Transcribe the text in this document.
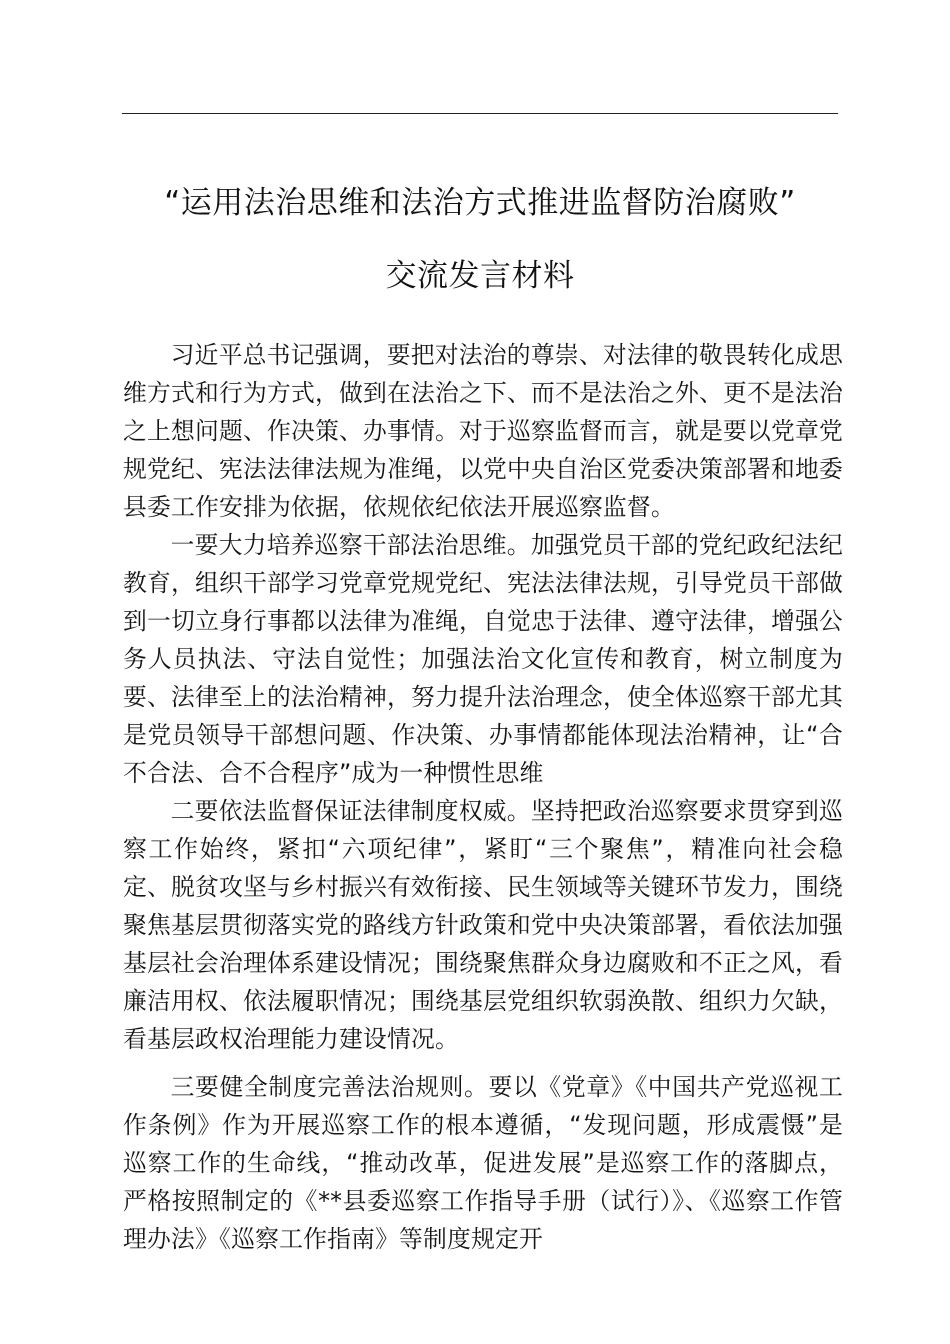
“运用法治思维和法治方式推进监督防治腐败”
交流发言材料

习近平总书记强调，要把对法治的尊崇、对法律的敬畏转化成思维方式和行为方式，做到在法治之下、而不是法治之外、更不是法治之上想问题、作决策、办事情。对于巡察监督而言，就是要以党章党规党纪、宪法法律法规为准绳，以党中央自治区党委决策部署和地委县委工作安排为依据，依规依纪依法开展巡察监督。

一要大力培养巡察干部法治思维。加强党员干部的党纪政纪法纪教育，组织干部学习党章党规党纪、宪法法律法规，引导党员干部做到一切立身行事都以法律为准绳，自觉忠于法律、遵守法律，增强公务人员执法、守法自觉性；加强法治文化宣传和教育，树立制度为要、法律至上的法治精神，努力提升法治理念，使全体巡察干部尤其是党员领导干部想问题、作决策、办事情都能体现法治精神，让“合不合法、合不合程序”成为一种惯性思维

二要依法监督保证法律制度权威。坚持把政治巡察要求贯穿到巡察工作始终，紧扣“六项纪律”，紧盯“三个聚焦”，精准向社会稳定、脱贫攻坚与乡村振兴有效衔接、民生领域等关键环节发力，围绕聚焦基层贯彻落实党的路线方针政策和党中央决策部署，看依法加强基层社会治理体系建设情况；围绕聚焦群众身边腐败和不正之风，看廉洁用权、依法履职情况；围绕基层党组织软弱涣散、组织力欠缺，看基层政权治理能力建设情况。

三要健全制度完善法治规则。要以《党章》《中国共产党巡视工作条例》作为开展巡察工作的根本遵循，“发现问题，形成震慑”是巡察工作的生命线，“推动改革，促进发展”是巡察工作的落脚点，严格按照制定的《**县委巡察工作指导手册（试行）》、《巡察工作管理办法》《巡察工作指南》等制度规定开
